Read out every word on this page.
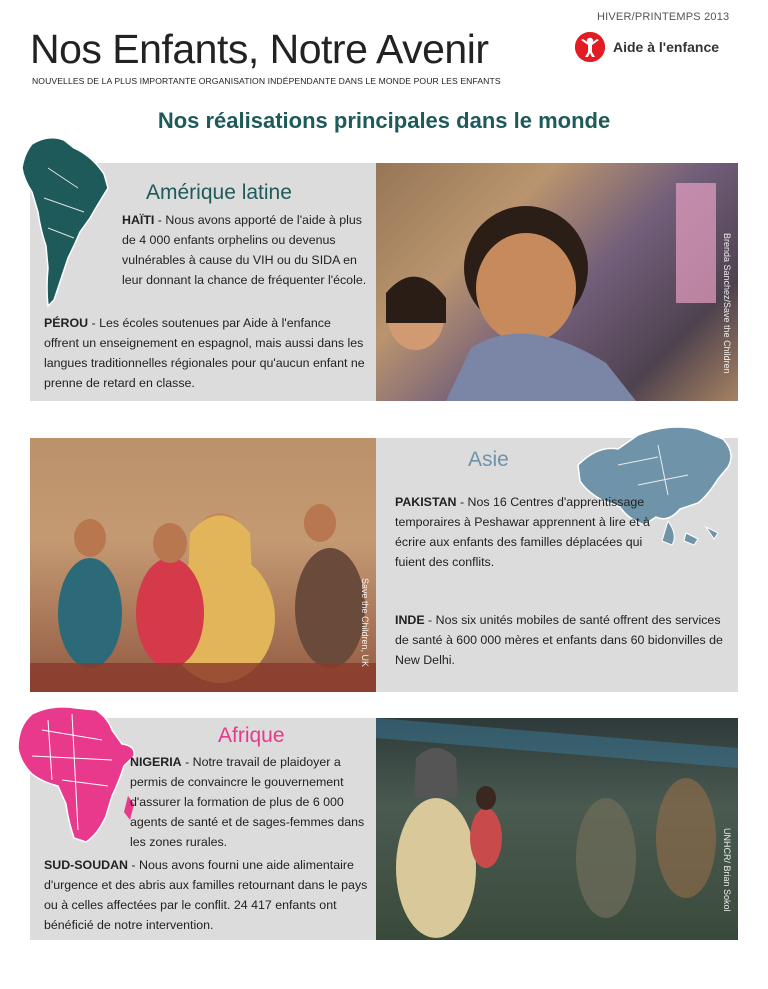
HIVER/PRINTEMPS 2013
Nos Enfants, Notre Avenir
NOUVELLES DE LA PLUS IMPORTANTE ORGANISATION INDÉPENDANTE DANS LE MONDE POUR LES ENFANTS
Aide à l'enfance
Nos réalisations principales dans le monde
Brenda Sanchez/Save the Children
Amérique latine
HAÏTI - Nous avons apporté de l'aide à plus de 4 000 enfants orphelins ou devenus vulnérables à cause du VIH ou du SIDA en leur donnant la chance de fréquenter l'école.
PÉROU - Les écoles soutenues par Aide à l'enfance offrent un enseignement en espagnol, mais aussi dans les langues traditionnelles régionales pour qu'aucun enfant ne prenne de retard en classe.
Save the Children, UK
Asie
PAKISTAN - Nos 16 Centres d'apprentissage temporaires à Peshawar apprennent à lire et à écrire aux enfants des familles déplacées qui fuient des conflits.
INDE - Nos six unités mobiles de santé offrent des services de santé à 600 000 mères et enfants dans 60 bidonvilles de New Delhi.
UNHCR/ Brian Sokol
Afrique
NIGERIA - Notre travail de plaidoyer a permis de convaincre le gouvernement d'assurer la formation de plus de 6 000 agents de santé et de sages-femmes dans les zones rurales.
SUD-SOUDAN - Nous avons fourni une aide alimentaire d'urgence et des abris aux familles retournant dans le pays ou à celles affectées par le conflit. 24 417 enfants ont bénéficié de notre intervention.
